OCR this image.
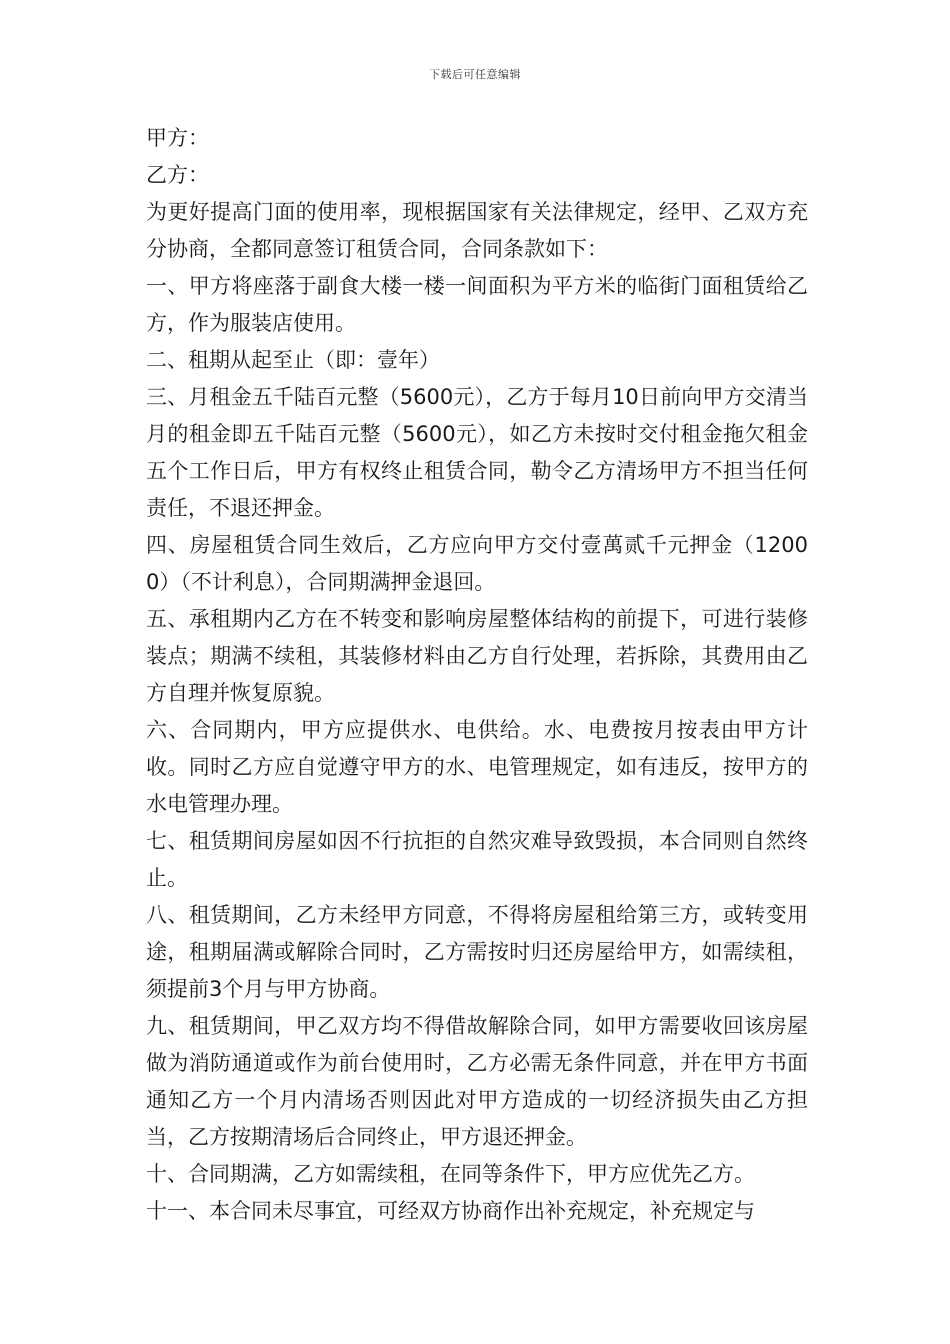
下载后可任意编辑

甲方：

乙方：

为更好提高门面的使用率，现根据国家有关法律规定，经甲、乙双方充分协商，全都同意签订租赁合同，合同条款如下：

一、甲方将座落于副食大楼一楼一间面积为平方米的临街门面租赁给乙方，作为服装店使用。

二、租期从起至止（即：壹年）

三、月租金五千陆百元整（5600元），乙方于每月10日前向甲方交清当月的租金即五千陆百元整（5600元），如乙方未按时交付租金拖欠租金五个工作日后，甲方有权终止租赁合同，勒令乙方清场甲方不担当任何责任，不退还押金。

四、房屋租赁合同生效后，乙方应向甲方交付壹萬贰千元押金（12000）（不计利息），合同期满押金退回。

五、承租期内乙方在不转变和影响房屋整体结构的前提下，可进行装修装点；期满不续租，其装修材料由乙方自行处理，若拆除，其费用由乙方自理并恢复原貌。

六、合同期内，甲方应提供水、电供给。水、电费按月按表由甲方计收。同时乙方应自觉遵守甲方的水、电管理规定，如有违反，按甲方的水电管理办理。

七、租赁期间房屋如因不行抗拒的自然灾难导致毁损，本合同则自然终止。

八、租赁期间，乙方未经甲方同意，不得将房屋租给第三方，或转变用途，租期届满或解除合同时，乙方需按时归还房屋给甲方，如需续租，须提前3个月与甲方协商。

九、租赁期间，甲乙双方均不得借故解除合同，如甲方需要收回该房屋做为消防通道或作为前台使用时，乙方必需无条件同意，并在甲方书面通知乙方一个月内清场否则因此对甲方造成的一切经济损失由乙方担当，乙方按期清场后合同终止，甲方退还押金。

十、合同期满，乙方如需续租，在同等条件下，甲方应优先乙方。

十一、本合同未尽事宜，可经双方协商作出补充规定，补充规定与
